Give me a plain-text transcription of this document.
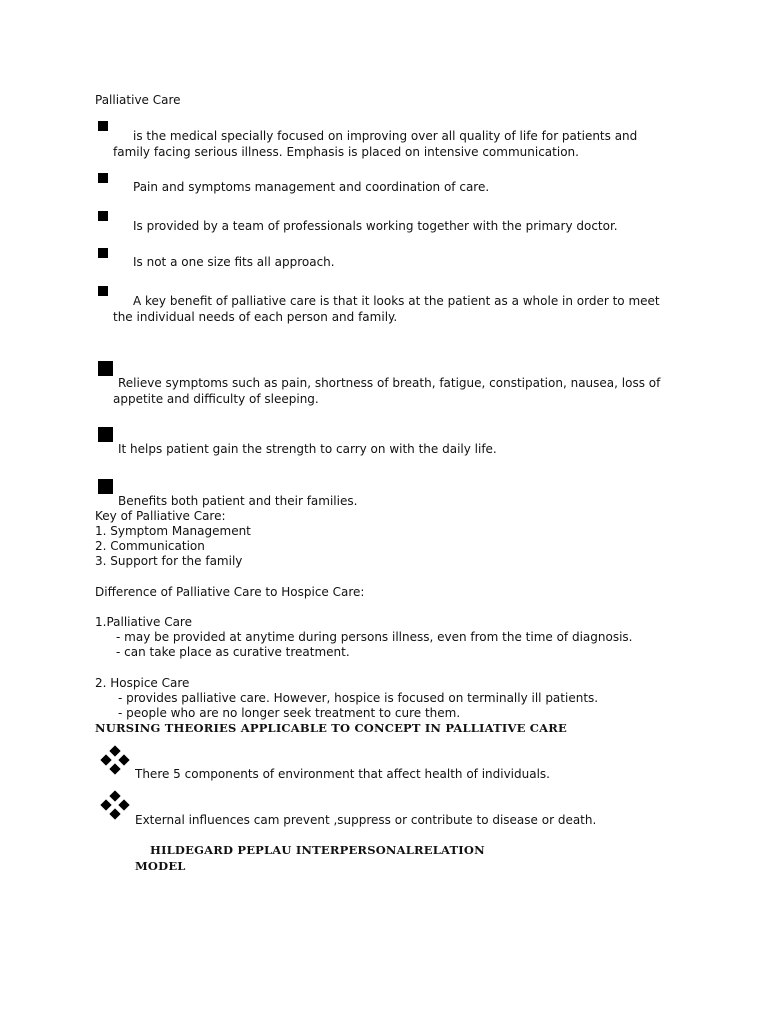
Palliative Care
is the medical specially focused on improving over all quality of life for patients and
family facing serious illness. Emphasis is placed on intensive communication.
Pain and symptoms management and coordination of care.
Is provided by a team of professionals working together with the primary doctor.
Is not a one size fits all approach.
A key benefit of palliative care is that it looks at the patient as a whole in order to meet
the individual needs of each person and family.
Relieve symptoms such as pain, shortness of breath, fatigue, constipation, nausea, loss of
appetite and difficulty of sleeping.
It helps patient gain the strength to carry on with the daily life.
Benefits both patient and their families.
Key of Palliative Care:
1. Symptom Management
2. Communication
3. Support for the family
Difference of Palliative Care to Hospice Care:
1.Palliative Care
- may be provided at anytime during persons illness, even from the time of diagnosis.
- can take place as curative treatment.
2. Hospice Care
- provides palliative care. However, hospice is focused on terminally ill patients.
- people who are no longer seek treatment to cure them.
NURSING THEORIES APPLICABLE TO CONCEPT IN PALLIATIVE CARE
There 5 components of environment that affect health of individuals.
External influences cam prevent ,suppress or contribute to disease or death.
HILDEGARD PEPLAU INTERPERSONALRELATION
MODEL
